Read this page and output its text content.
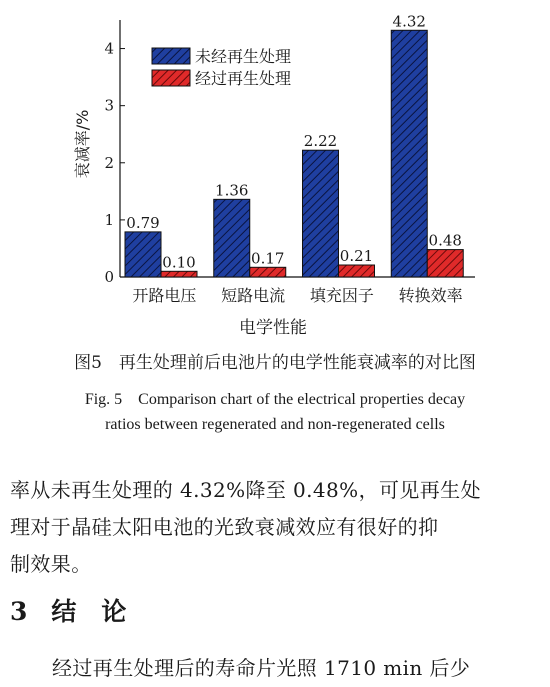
0
1
2
3
4
开路电压 短路电流 填充因子 转换效率
0.79
0.10
1.36
0.17
2.22
0.21
4.32
0.48
未经再生处理
经过再生处理
衰减率/%
电学性能
图5　再生处理前后电池片的电学性能衰减率的对比图
Fig. 5　Comparison chart of the electrical properties decay
ratios between regenerated and non-regenerated cells
率从未再生处理的 4.32%降至 0.48%，可见再生处
理对于晶硅太阳电池的光致衰减效应有很好的抑
制效果。
3 结　论
经过再生处理后的寿命片光照 1710 min 后少
